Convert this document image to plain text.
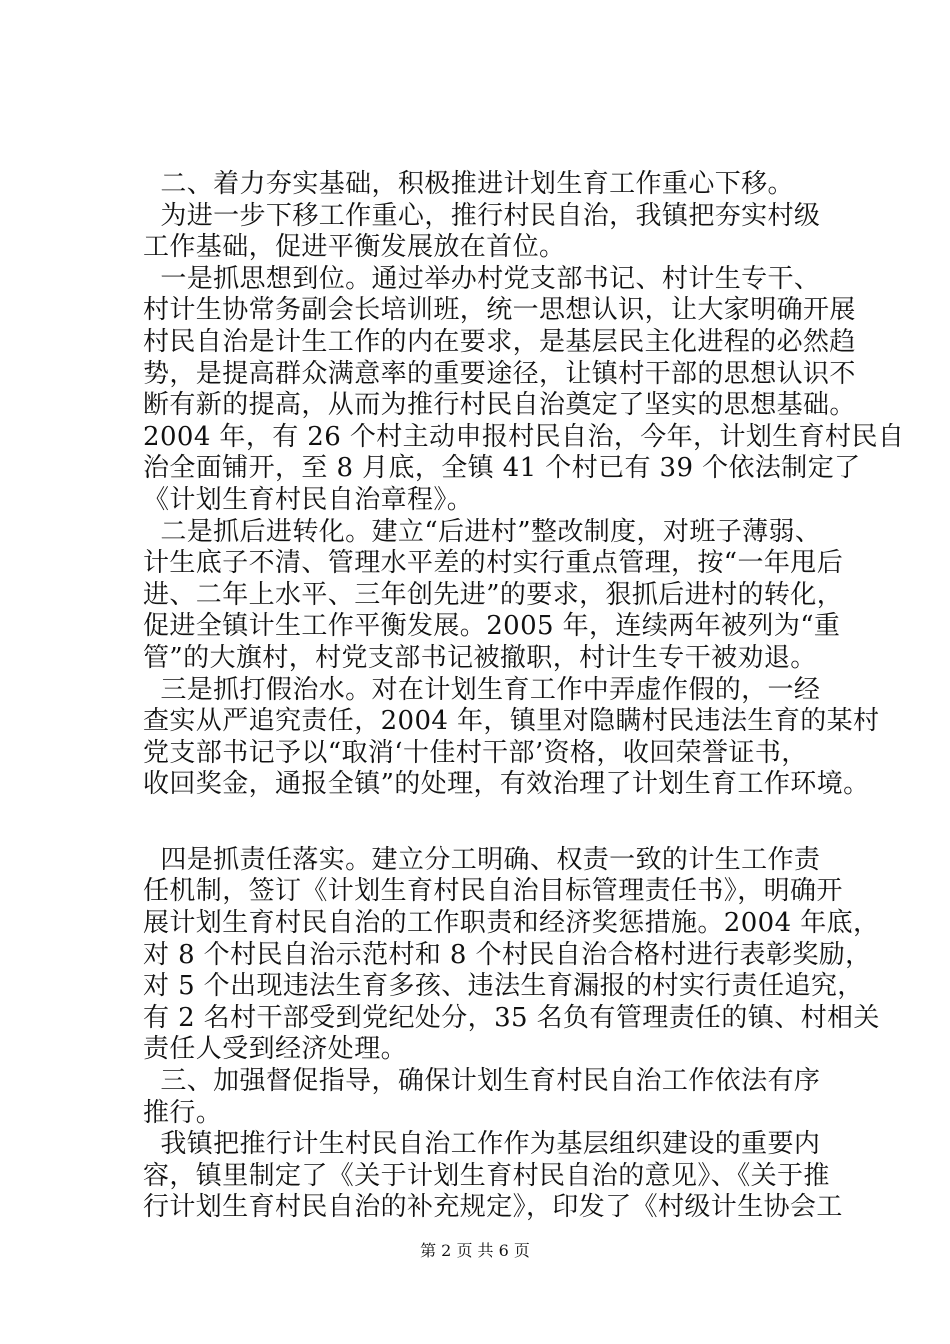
二、着力夯实基础，积极推进计划生育工作重心下移。
为进一步下移工作重心，推行村民自治，我镇把夯实村级
工作基础，促进平衡发展放在首位。
一是抓思想到位。通过举办村党支部书记、村计生专干、
村计生协常务副会长培训班，统一思想认识，让大家明确开展
村民自治是计生工作的内在要求，是基层民主化进程的必然趋
势，是提高群众满意率的重要途径，让镇村干部的思想认识不
断有新的提高，从而为推行村民自治奠定了坚实的思想基础。
2004 年，有 26 个村主动申报村民自治，今年，计划生育村民自
治全面铺开，至 8 月底，全镇 41 个村已有 39 个依法制定了
《计划生育村民自治章程》。
二是抓后进转化。建立“后进村”整改制度，对班子薄弱、
计生底子不清、管理水平差的村实行重点管理，按“一年甩后
进、二年上水平、三年创先进”的要求，狠抓后进村的转化，
促进全镇计生工作平衡发展。2005 年，连续两年被列为“重
管”的大旗村，村党支部书记被撤职，村计生专干被劝退。
三是抓打假治水。对在计划生育工作中弄虚作假的，一经
查实从严追究责任，2004 年，镇里对隐瞒村民违法生育的某村
党支部书记予以“取消‘十佳村干部’资格，收回荣誉证书，
收回奖金，通报全镇”的处理，有效治理了计划生育工作环境。
四是抓责任落实。建立分工明确、权责一致的计生工作责
任机制，签订《计划生育村民自治目标管理责任书》，明确开
展计划生育村民自治的工作职责和经济奖惩措施。2004 年底，
对 8 个村民自治示范村和 8 个村民自治合格村进行表彰奖励，
对 5 个出现违法生育多孩、违法生育漏报的村实行责任追究，
有 2 名村干部受到党纪处分，35 名负有管理责任的镇、村相关
责任人受到经济处理。
三、加强督促指导，确保计划生育村民自治工作依法有序
推行。
我镇把推行计生村民自治工作作为基层组织建设的重要内
容，镇里制定了《关于计划生育村民自治的意见》、《关于推
行计划生育村民自治的补充规定》，印发了《村级计生协会工
第 2 页 共 6 页
